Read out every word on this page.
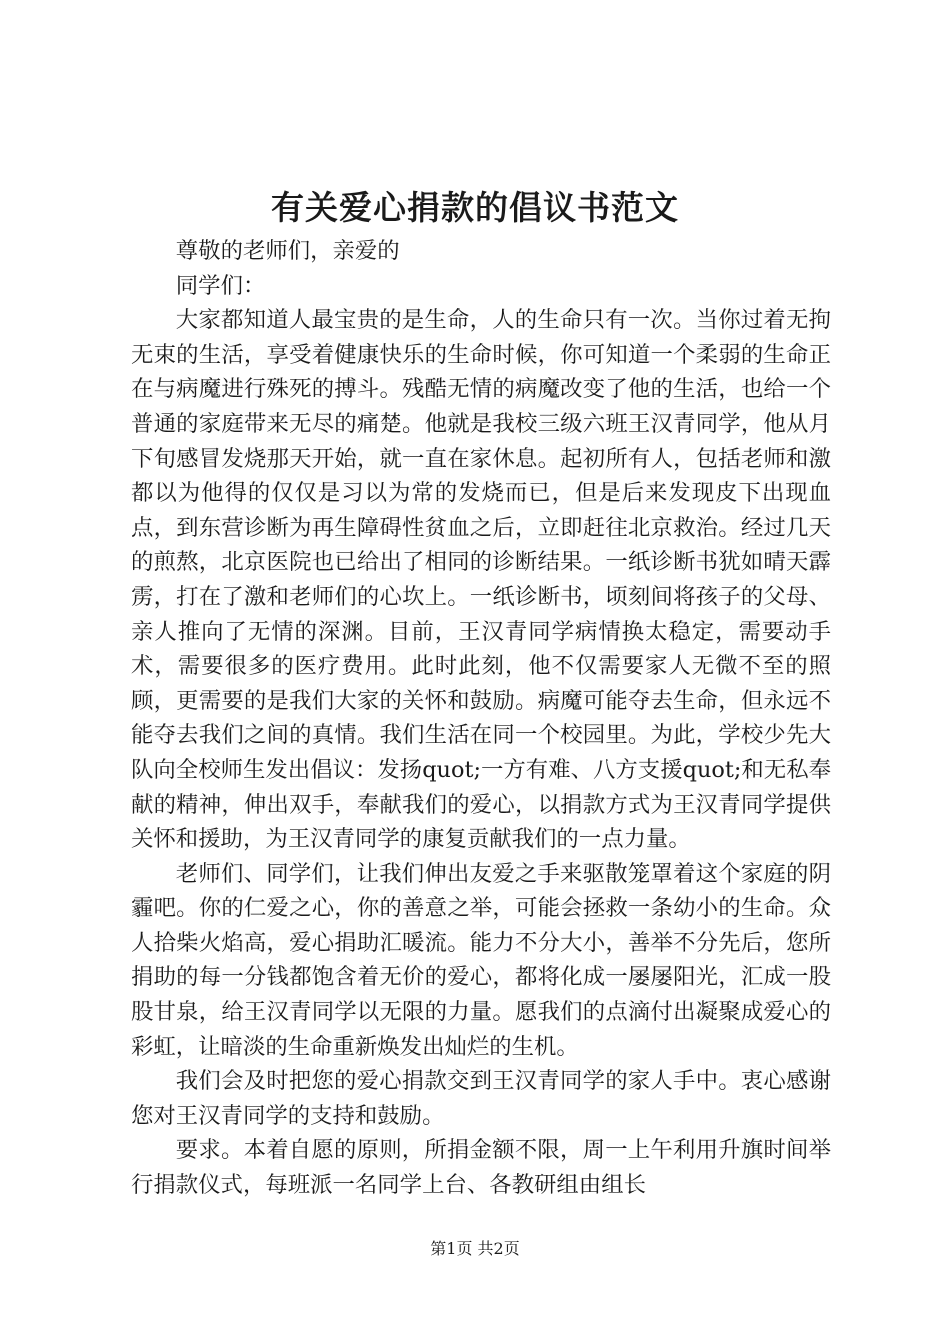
有关爱心捐款的倡议书范文

尊敬的老师们，亲爱的

同学们：

大家都知道人最宝贵的是生命，人的生命只有一次。当你过着无拘无束的生活，享受着健康快乐的生命时候，你可知道一个柔弱的生命正在与病魔进行殊死的搏斗。残酷无情的病魔改变了他的生活，也给一个普通的家庭带来无尽的痛楚。他就是我校三级六班王汉青同学，他从月下旬感冒发烧那天开始，就一直在家休息。起初所有人，包括老师和激都以为他得的仅仅是习以为常的发烧而已，但是后来发现皮下出现血点，到东营诊断为再生障碍性贫血之后，立即赶往北京救治。经过几天的煎熬，北京医院也已给出了相同的诊断结果。一纸诊断书犹如晴天霹雳，打在了激和老师们的心坎上。一纸诊断书，顷刻间将孩子的父母、亲人推向了无情的深渊。目前，王汉青同学病情换太稳定，需要动手术，需要很多的医疗费用。此时此刻，他不仅需要家人无微不至的照顾，更需要的是我们大家的关怀和鼓励。病魔可能夺去生命，但永远不能夺去我们之间的真情。我们生活在同一个校园里。为此，学校少先大队向全校师生发出倡议：发扬quot;一方有难、八方支援quot;和无私奉献的精神，伸出双手，奉献我们的爱心，以捐款方式为王汉青同学提供关怀和援助，为王汉青同学的康复贡献我们的一点力量。

老师们、同学们，让我们伸出友爱之手来驱散笼罩着这个家庭的阴霾吧。你的仁爱之心，你的善意之举，可能会拯救一条幼小的生命。众人拾柴火焰高，爱心捐助汇暖流。能力不分大小，善举不分先后，您所捐助的每一分钱都饱含着无价的爱心，都将化成一屡屡阳光，汇成一股股甘泉，给王汉青同学以无限的力量。愿我们的点滴付出凝聚成爱心的彩虹，让暗淡的生命重新焕发出灿烂的生机。

我们会及时把您的爱心捐款交到王汉青同学的家人手中。衷心感谢您对王汉青同学的支持和鼓励。

要求。本着自愿的原则，所捐金额不限，周一上午利用升旗时间举行捐款仪式，每班派一名同学上台、各教研组由组长

第1页 共2页
